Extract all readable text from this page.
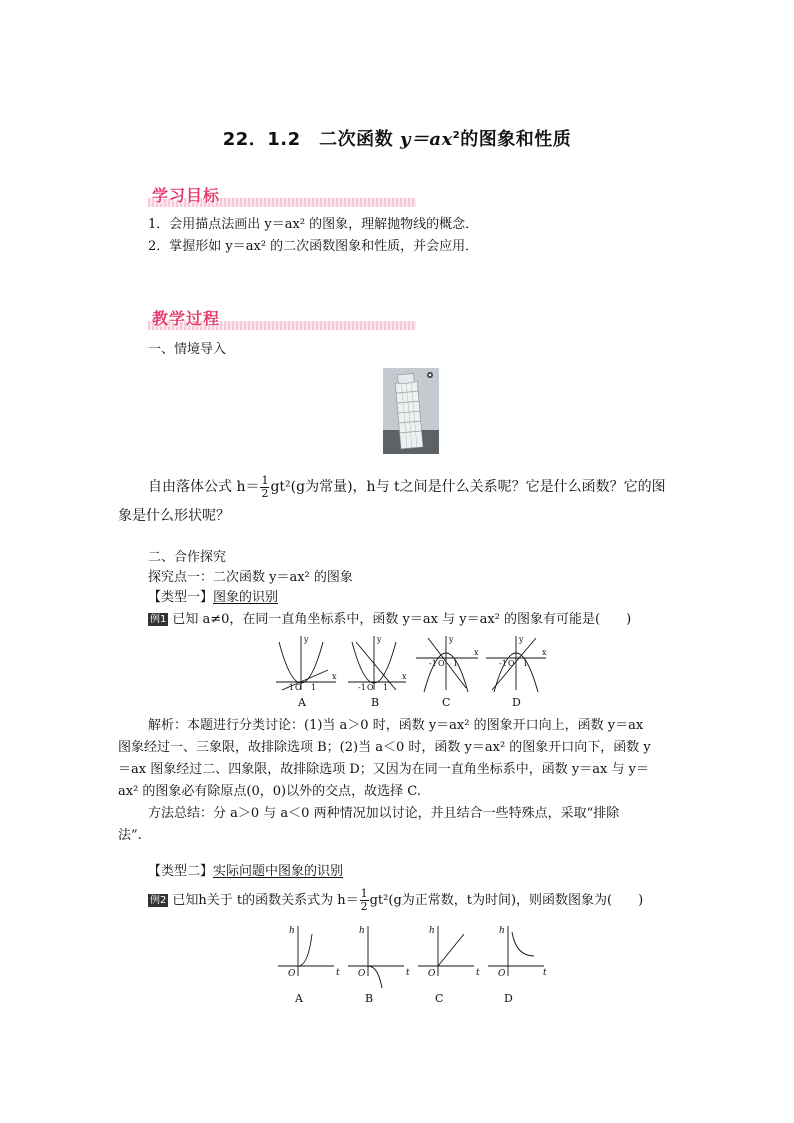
22．1.2　二次函数 $y=ax^2$的图象和性质
学习目标
1．会用描点法画出 y＝ax² 的图象，理解抛物线的概念．
2．掌握形如 y＝ax² 的二次函数图象和性质，并会应用．
教学过程
一、情境导入
自由落体公式 $h= \frac{1}{2} gt^2(g$为常量)，h与 t之间是什么关系呢？它是什么函数？它的图
象是什么形状呢？
二、合作探究
探究点一：二次函数 y＝ax² 的图象
【类型一】图象的识别
例1 已知 a≠0，在同一直角坐标系中，函数 y＝ax 与 y＝ax² 的图象有可能是(　　)
y
x
-1 O 1
y
x
-1 O 1
y
x
-1 O 1
y
x
-1 O 1
A	B	C	D
解析：本题进行分类讨论：(1)当 a＞0 时，函数 y＝ax² 的图象开口向上，函数 y＝ax
图象经过一、三象限，故排除选项 B；(2)当 a＜0 时，函数 y＝ax² 的图象开口向下，函数 y
＝ax 图象经过二、四象限，故排除选项 D；又因为在同一直角坐标系中，函数 y＝ax 与 y＝
ax² 的图象必有除原点(0，0)以外的交点，故选择 C.
方法总结：分 a＞0 与 a＜0 两种情况加以讨论，并且结合一些特殊点，采取“排除
法”.
【类型二】实际问题中图象的识别
例2 已知h关于 t的函数关系式为 $h= \frac{1}{2} gt^2(g$为正常数，t为时间)，则函数图象为(　　)
h
t
O
h
t
O
h
t
O
h
t
O
A	B	C	D
